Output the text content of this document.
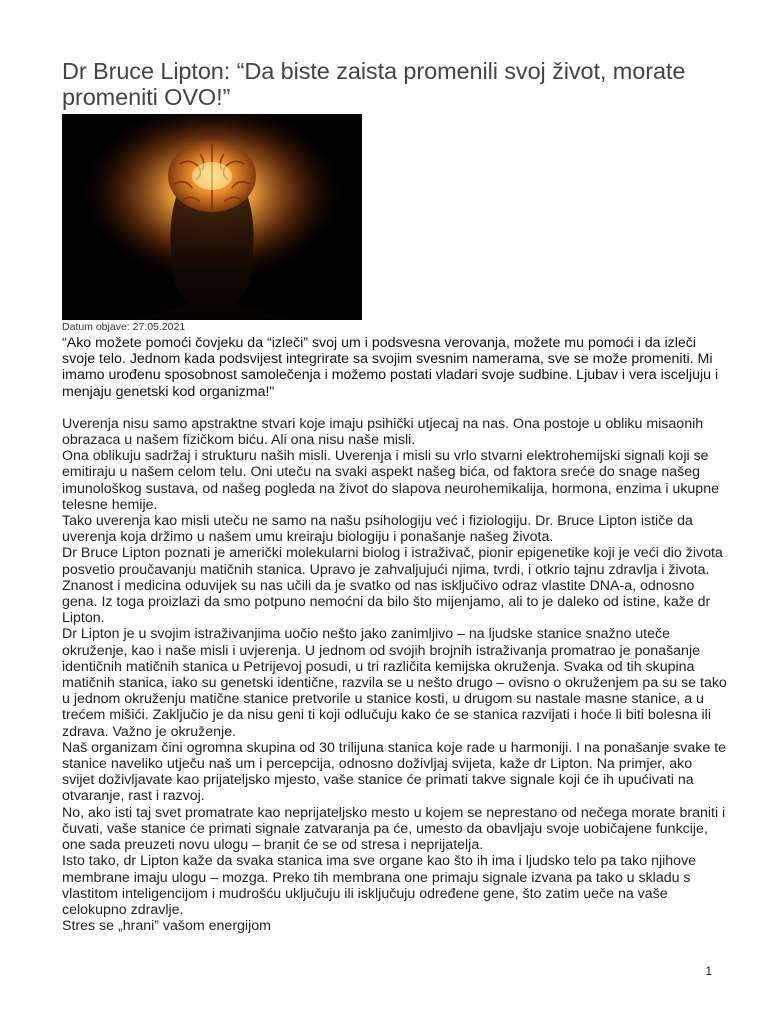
Dr Bruce Lipton: “Da biste zaista promenili svoj život, morate promeniti OVO!”
Datum objave: 27.05.2021

“Ako možete pomoći čovjeku da “izleči” svoj um i podsvesna verovanja, možete mu pomoći i da izleči svoje telo. Jednom kada podsvijest integrirate sa svojim svesnim namerama, sve se može promeniti. Mi imamo urođenu sposobnost samolečenja i možemo postati vladari svoje sudbine. Ljubav i vera isceljuju i menjaju genetski kod organizma!"

Uverenja nisu samo apstraktne stvari koje imaju psihički utjecaj na nas. Ona postoje u obliku misaonih obrazaca u našem fizičkom biću. Ali ona nisu naše misli.

Ona oblikuju sadržaj i strukturu naših misli. Uverenja i misli su vrlo stvarni elektrohemijski signali koji se emitiraju u našem celom telu. Oni utеču na svaki aspekt našeg bića, od faktora sreće do snage našeg imunološkog sustava, od našeg pogleda na život do slapova neurohemikalija, hormona, enzima i ukupne telesne hemije.

Tako uverenja kao misli utеču ne samo na našu psihologiju već i fiziologiju. Dr. Bruce Lipton ističe da uverenja koja držimo u našem umu kreiraju biologiju i ponašanje našeg života.

Dr Bruce Lipton poznati je američki molekularni biolog i istraživač, pionir epigenetike koji je veći dio života posvetio proučavanju matičnih stanica. Upravo je zahvaljujući njima, tvrdi, i otkrio tajnu zdravlja i života. Znanost i medicina oduvijek su nas učili da je svatko od nas isključivo odraz vlastite DNA-a, odnosno gena. Iz toga proizlazi da smo potpuno nemoćni da bilo što mijenjamo, ali to je daleko od istine, kaže dr Lipton.

Dr Lipton je u svojim istraživanjima uočio nešto jako zanimljivo – na ljudske stanice snažno utеče okruženje, kao i naše misli i uvjerenja. U jednom od svojih brojnih istraživanja promatrao je ponašanje identičnih matičnih stanica u Petrijevoj posudi, u tri različita kemijska okruženja. Svaka od tih skupina matičnih stanica, iako su genetski identične, razvila se u nešto drugo – ovisno o okruženjem pa su se tako u jednom okruženju matične stanice pretvorile u stanice kosti, u drugom su nastale masne stanice, a u trećem mišići. Zaključio je da nisu geni ti koji odlučuju kako će se stanica razvijati i hoće li biti bolesna ili zdrava. Važno je okruženje.

Naš organizam čini ogromna skupina od 30 trilijuna stanica koje rade u harmoniji. I na ponašanje svake te stanice naveliko utječu naš um i percepcija, odnosno doživljaj svijeta, kaže dr Lipton. Na primjer, ako svijet doživljavate kao prijateljsko mjesto, vaše stanice će primati takve signale koji će ih upućivati na otvaranje, rast i razvoj.

No, ako isti taj svet promatrate kao neprijateljsko mesto u kojem se neprestano od nečega morate braniti i čuvati, vaše stanice će primati signale zatvaranja pa će, umesto da obavljaju svoje uobičajene funkcije, one sada preuzeti novu ulogu – branit će se od stresa i neprijatelja.

Isto tako, dr Lipton kaže da svaka stanica ima sve organe kao što ih ima i ljudsko telo pa tako njihove membrane imaju ulogu – mozga. Preko tih membrana one primaju signale izvana pa tako u skladu s vlastitom inteligencijom i mudrošću uključuju ili isključuju određene gene, što zatim ueče na vaše celokupno zdravlje.

Stres se „hrani” vašom energijom

1
